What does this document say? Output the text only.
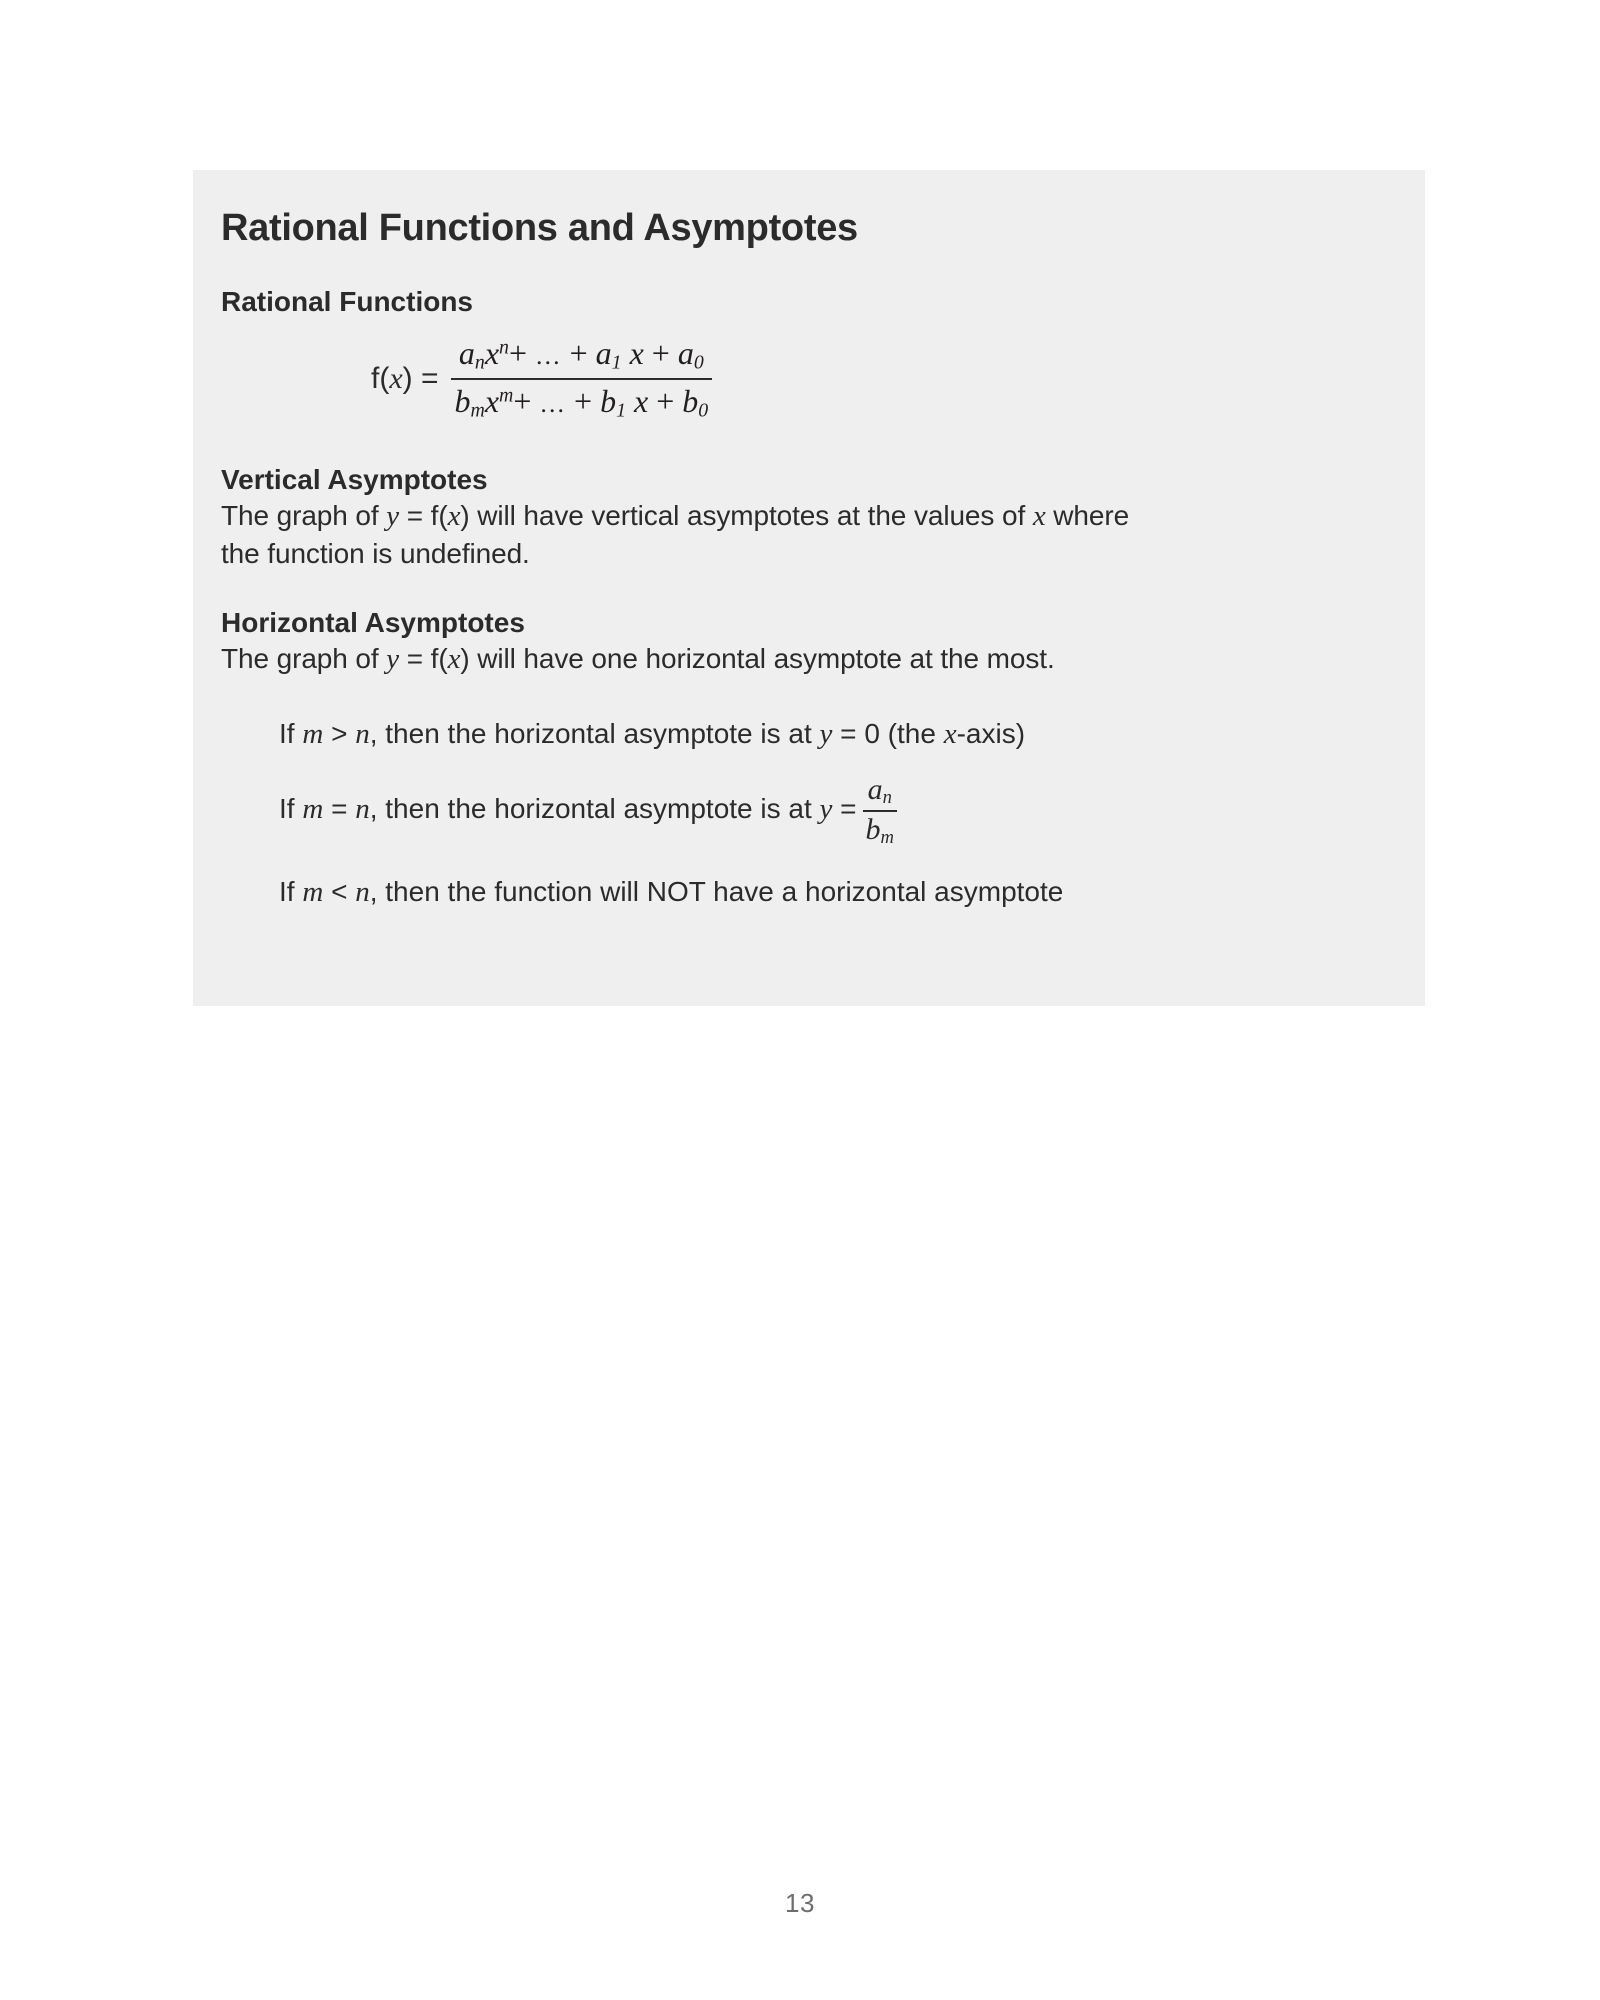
Rational Functions and Asymptotes
Rational Functions
f(x) =
$a_nx^n+$ … + $a_1$ $x + a_0$
$b_mx^m+$ … + $b_1$ $x + b_0$
Vertical Asymptotes

The graph of y = f(x) will have vertical asymptotes at the values of x where

the function is undefined.

Horizontal Asymptotes

The graph of y = f(x) will have one horizontal asymptote at the most.

If m > n, then the horizontal asymptote is at y = 0 (the x-axis)
If m = n, then the horizontal asymptote is at $y = \frac{a_n}{b_m}$
If m < n, then the function will NOT have a horizontal asymptote
13
